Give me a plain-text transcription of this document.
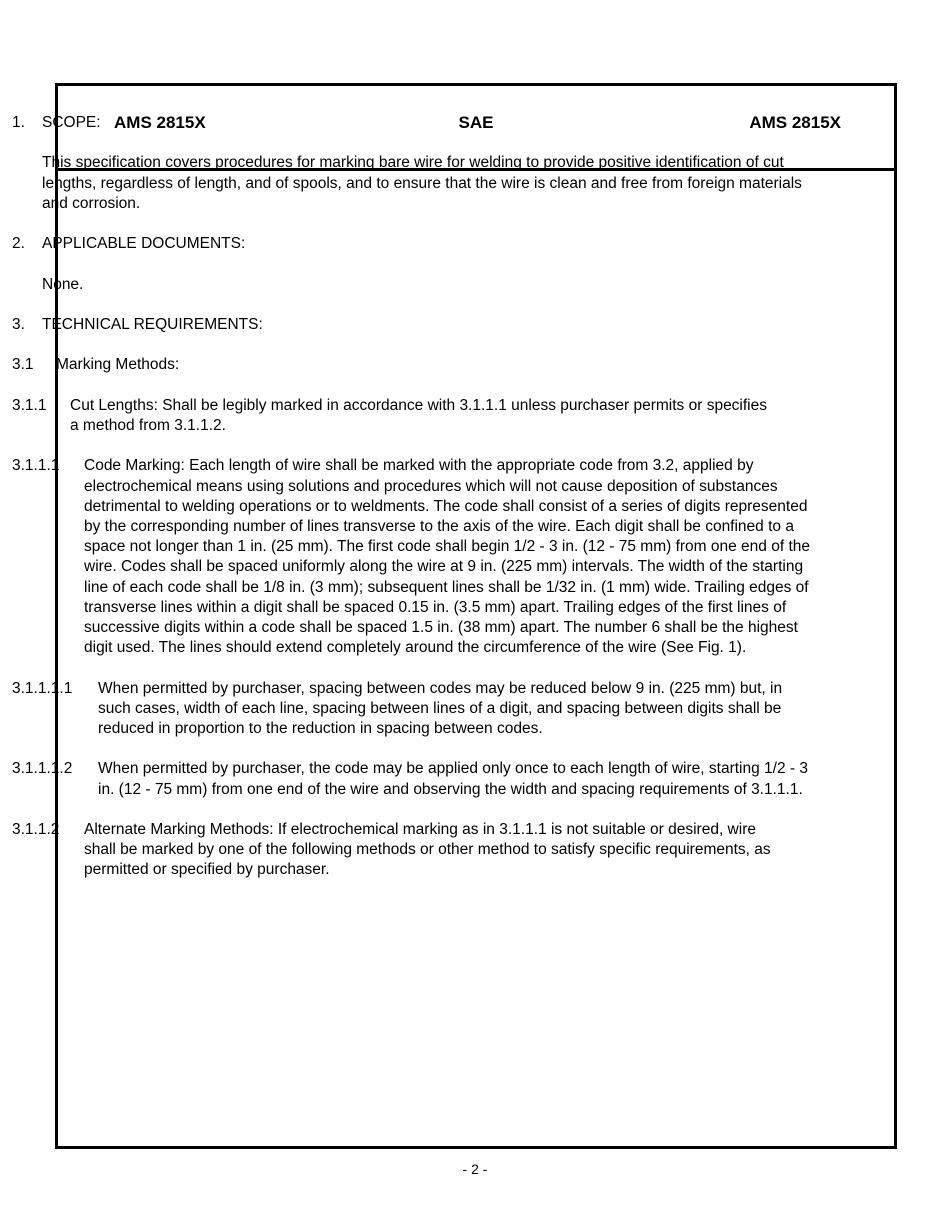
AMS 2815X	SAE	AMS 2815X
1. SCOPE:
This specification covers procedures for marking bare wire for welding to provide positive identification of cut lengths, regardless of length, and of spools, and to ensure that the wire is clean and free from foreign materials and corrosion.
2. APPLICABLE DOCUMENTS:
None.
3. TECHNICAL REQUIREMENTS:
3.1 Marking Methods:
3.1.1 Cut Lengths: Shall be legibly marked in accordance with 3.1.1.1 unless purchaser permits or specifies a method from 3.1.1.2.
3.1.1.1 Code Marking: Each length of wire shall be marked with the appropriate code from 3.2, applied by electrochemical means using solutions and procedures which will not cause deposition of substances detrimental to welding operations or to weldments. The code shall consist of a series of digits represented by the corresponding number of lines transverse to the axis of the wire. Each digit shall be confined to a space not longer than 1 in. (25 mm). The first code shall begin 1/2 - 3 in. (12 - 75 mm) from one end of the wire. Codes shall be spaced uniformly along the wire at 9 in. (225 mm) intervals. The width of the starting line of each code shall be 1/8 in. (3 mm); subsequent lines shall be 1/32 in. (1 mm) wide. Trailing edges of transverse lines within a digit shall be spaced 0.15 in. (3.5 mm) apart. Trailing edges of the first lines of successive digits within a code shall be spaced 1.5 in. (38 mm) apart. The number 6 shall be the highest digit used. The lines should extend completely around the circumference of the wire (See Fig. 1).
3.1.1.1.1 When permitted by purchaser, spacing between codes may be reduced below 9 in. (225 mm) but, in such cases, width of each line, spacing between lines of a digit, and spacing between digits shall be reduced in proportion to the reduction in spacing between codes.
3.1.1.1.2 When permitted by purchaser, the code may be applied only once to each length of wire, starting 1/2 - 3 in. (12 - 75 mm) from one end of the wire and observing the width and spacing requirements of 3.1.1.1.
3.1.1.2 Alternate Marking Methods: If electrochemical marking as in 3.1.1.1 is not suitable or desired, wire shall be marked by one of the following methods or other method to satisfy specific requirements, as permitted or specified by purchaser.
- 2 -
